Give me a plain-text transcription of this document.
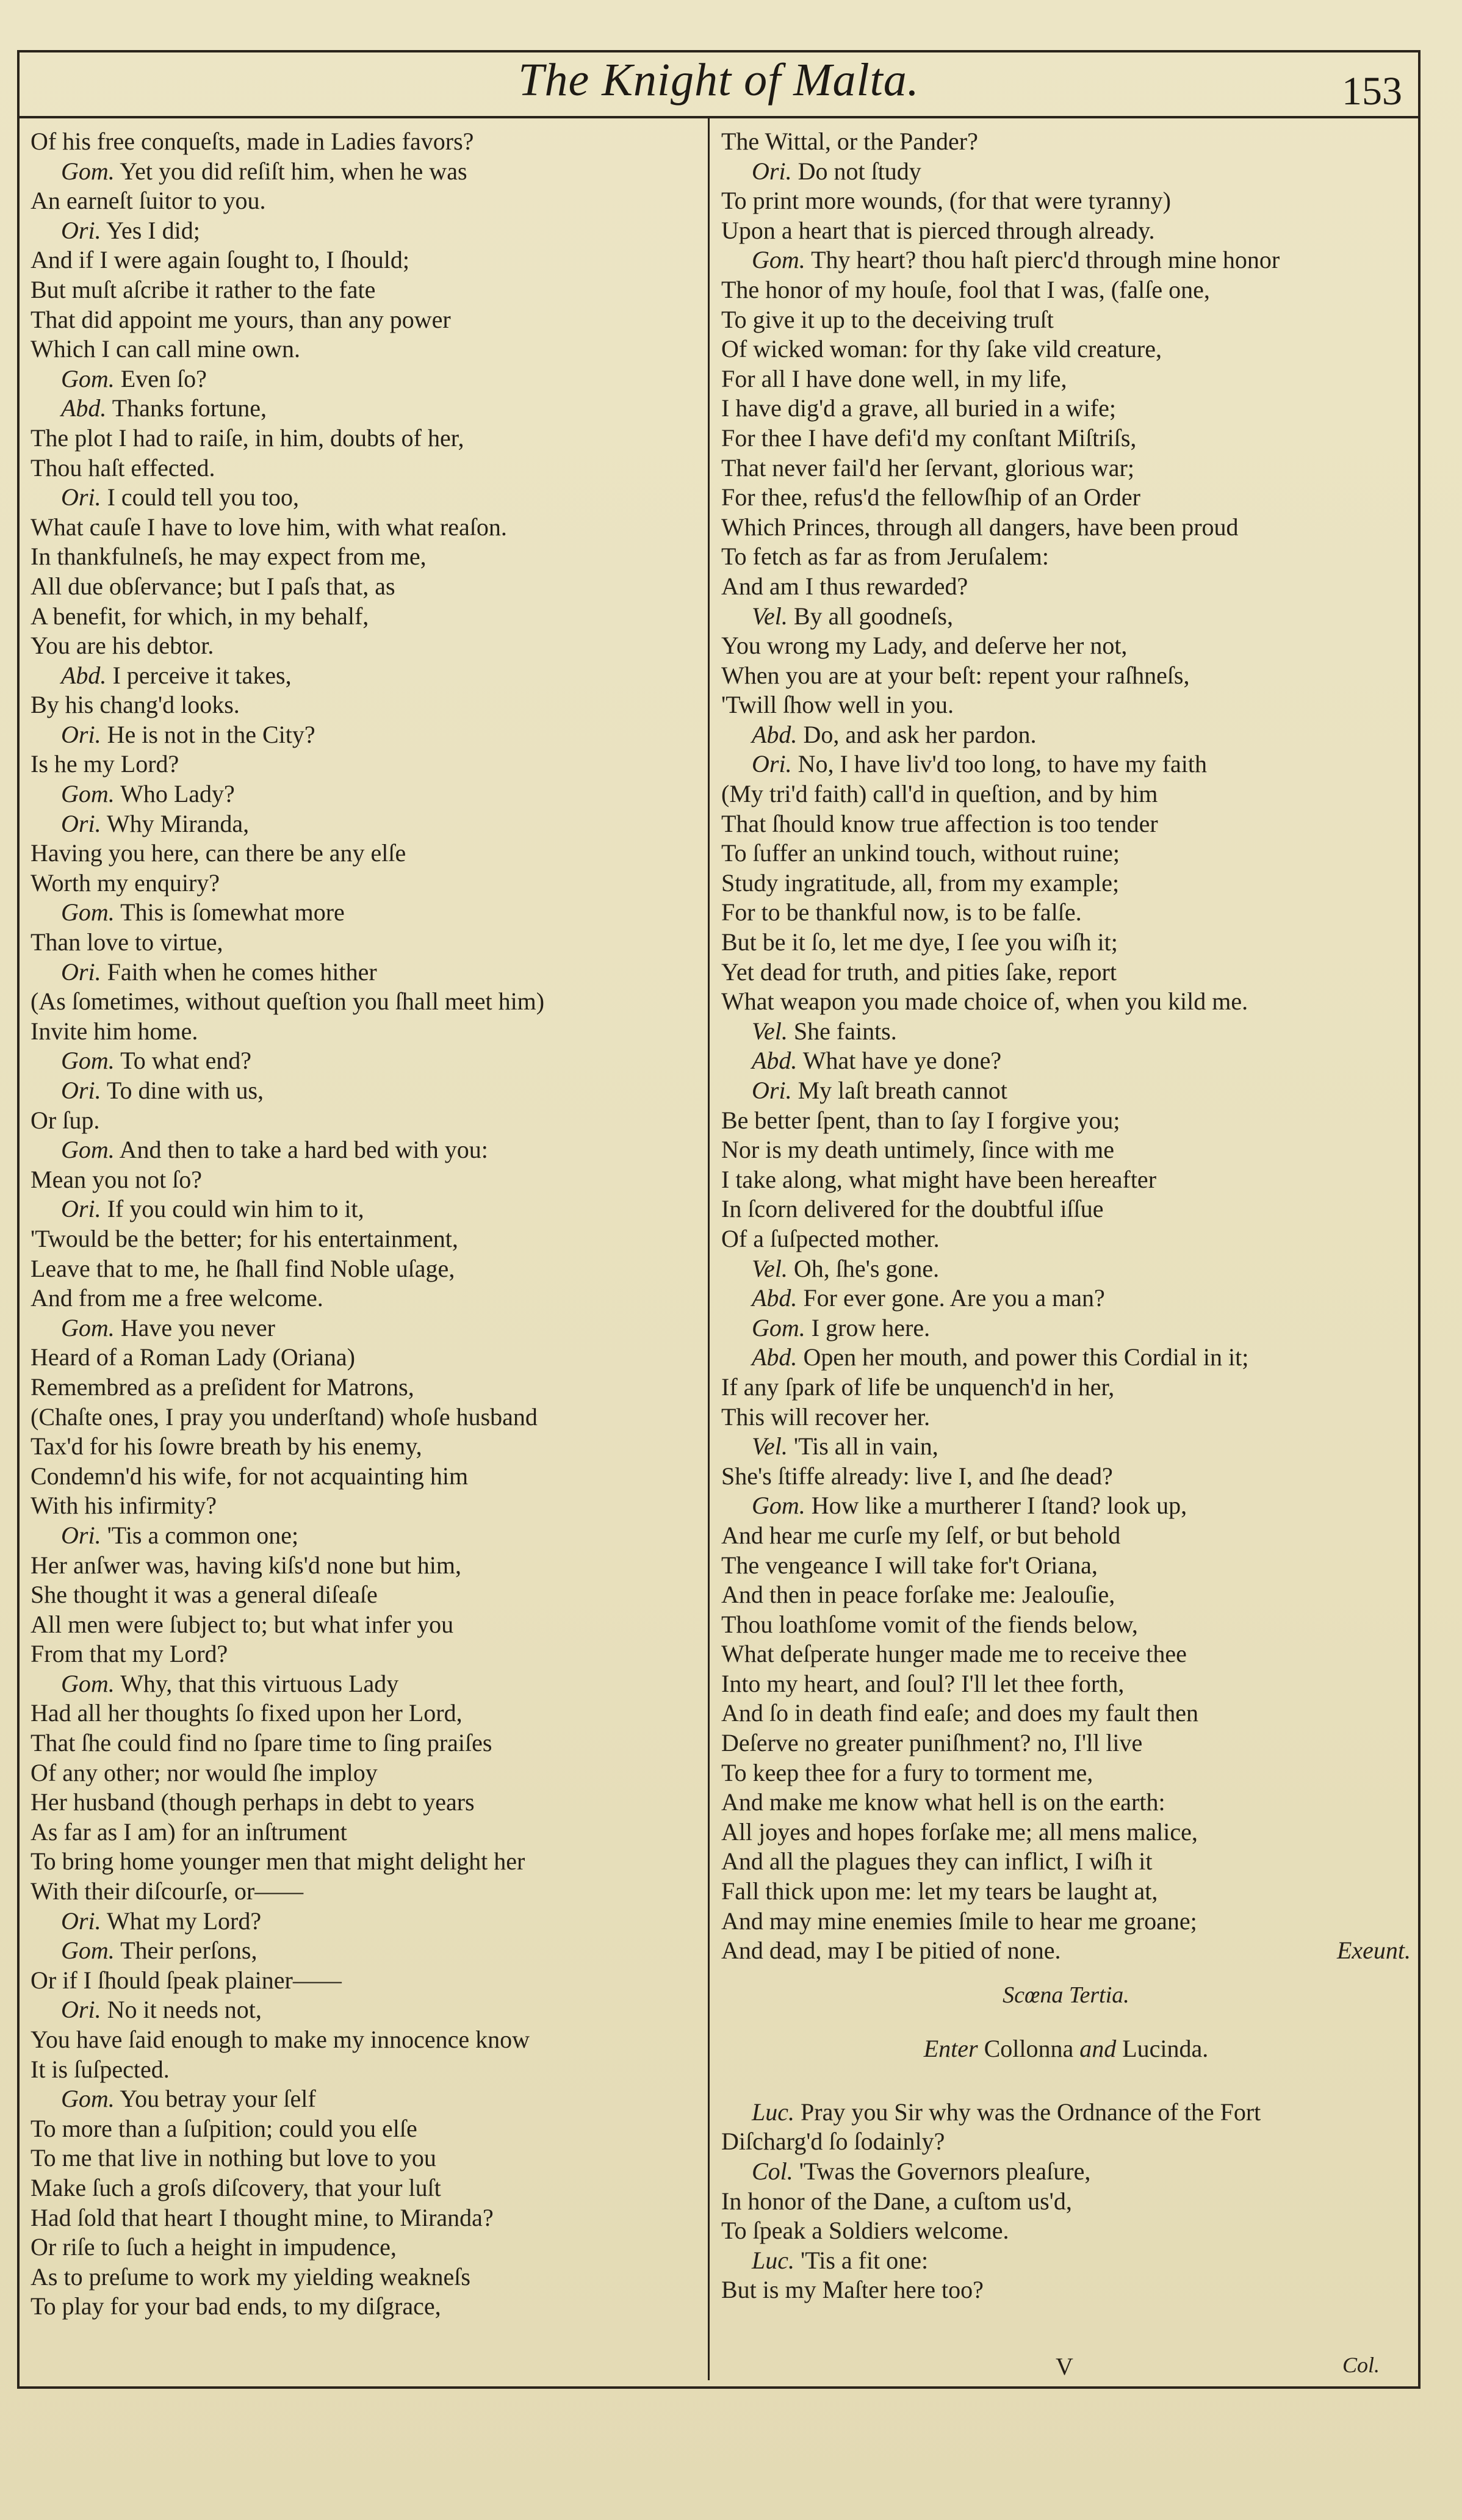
The Knight of Malta.	153
Of his free conqueſts, made in Ladies favors?
Gom. Yet you did reſiſt him, when he was
An earneſt ſuitor to you.
Ori. Yes I did;
And if I were again ſought to, I ſhould;
But muſt aſcribe it rather to the fate
That did appoint me yours, than any power
Which I can call mine own.
Gom. Even ſo?
Abd. Thanks fortune,
The plot I had to raiſe, in him, doubts of her,
Thou haſt effected.
Ori. I could tell you too,
What cauſe I have to love him, with what reaſon.
In thankfulneſs, he may expect from me,
All due obſervance; but I paſs that, as
A benefit, for which, in my behalf,
You are his debtor.
Abd. I perceive it takes,
By his chang'd looks.
Ori. He is not in the City?
Is he my Lord?
Gom. Who Lady?
Ori. Why Miranda,
Having you here, can there be any elſe
Worth my enquiry?
Gom. This is ſomewhat more
Than love to virtue,
Ori. Faith when he comes hither
(As ſometimes, without queſtion you ſhall meet him)
Invite him home.
Gom. To what end?
Ori. To dine with us,
Or ſup.
Gom. And then to take a hard bed with you:
Mean you not ſo?
Ori. If you could win him to it,
'Twould be the better; for his entertainment,
Leave that to me, he ſhall find Noble uſage,
And from me a free welcome.
Gom. Have you never
Heard of a Roman Lady (Oriana)
Remembred as a preſident for Matrons,
(Chaſte ones, I pray you underſtand) whoſe husband
Tax'd for his ſowre breath by his enemy,
Condemn'd his wife, for not acquainting him
With his infirmity?
Ori. 'Tis a common one;
Her anſwer was, having kiſs'd none but him,
She thought it was a general diſeaſe
All men were ſubject to; but what infer you
From that my Lord?
Gom. Why, that this virtuous Lady
Had all her thoughts ſo fixed upon her Lord,
That ſhe could find no ſpare time to ſing praiſes
Of any other; nor would ſhe imploy
Her husband (though perhaps in debt to years
As far as I am) for an inſtrument
To bring home younger men that might delight her
With their diſcourſe, or——
Ori. What my Lord?
Gom. Their perſons,
Or if I ſhould ſpeak plainer——
Ori. No it needs not,
You have ſaid enough to make my innocence know
It is ſuſpected.
Gom. You betray your ſelf
To more than a ſuſpition; could you elſe
To me that live in nothing but love to you
Make ſuch a groſs diſcovery, that your luſt
Had ſold that heart I thought mine, to Miranda?
Or riſe to ſuch a height in impudence,
As to preſume to work my yielding weakneſs
To play for your bad ends, to my diſgrace,
The Wittal, or the Pander?
Ori. Do not ſtudy
To print more wounds, (for that were tyranny)
Upon a heart that is pierced through already.
Gom. Thy heart? thou haſt pierc'd through mine honor
The honor of my houſe, fool that I was, (falſe one,
To give it up to the deceiving truſt
Of wicked woman: for thy ſake vild creature,
For all I have done well, in my life,
I have dig'd a grave, all buried in a wife;
For thee I have defi'd my conſtant Miſtriſs,
That never fail'd her ſervant, glorious war;
For thee, refus'd the fellowſhip of an Order
Which Princes, through all dangers, have been proud
To fetch as far as from Jeruſalem:
And am I thus rewarded?
Vel. By all goodneſs,
You wrong my Lady, and deſerve her not,
When you are at your beſt: repent your raſhneſs,
'Twill ſhow well in you.
Abd. Do, and ask her pardon.
Ori. No, I have liv'd too long, to have my faith
(My tri'd faith) call'd in queſtion, and by him
That ſhould know true affection is too tender
To ſuffer an unkind touch, without ruine;
Study ingratitude, all, from my example;
For to be thankful now, is to be falſe.
But be it ſo, let me dye, I ſee you wiſh it;
Yet dead for truth, and pities ſake, report
What weapon you made choice of, when you kild me.
Vel. She faints.
Abd. What have ye done?
Ori. My laſt breath cannot
Be better ſpent, than to ſay I forgive you;
Nor is my death untimely, ſince with me
I take along, what might have been hereafter
In ſcorn delivered for the doubtful iſſue
Of a ſuſpected mother.
Vel. Oh, ſhe's gone.
Abd. For ever gone. Are you a man?
Gom. I grow here.
Abd. Open her mouth, and power this Cordial in it;
If any ſpark of life be unquench'd in her,
This will recover her.
Vel. 'Tis all in vain,
She's ſtiffe already: live I, and ſhe dead?
Gom. How like a murtherer I ſtand? look up,
And hear me curſe my ſelf, or but behold
The vengeance I will take for't Oriana,
And then in peace forſake me: Jealouſie,
Thou loathſome vomit of the fiends below,
What deſperate hunger made me to receive thee
Into my heart, and ſoul? I'll let thee forth,
And ſo in death find eaſe; and does my fault then
Deſerve no greater puniſhment? no, I'll live
To keep thee for a fury to torment me,
And make me know what hell is on the earth:
All joyes and hopes forſake me; all mens malice,
And all the plagues they can inflict, I wiſh it
Fall thick upon me: let my tears be laught at,
And may mine enemies ſmile to hear me groane;
And dead, may I be pitied of none.	Exeunt.
Scœna Tertia.
Enter Collonna and Lucinda.
Luc. Pray you Sir why was the Ordnance of the Fort
Diſcharg'd ſo ſodainly?
Col. 'Twas the Governors pleaſure,
In honor of the Dane, a cuſtom us'd,
To ſpeak a Soldiers welcome.
Luc. 'Tis a fit one:
But is my Maſter here too?
V	Col.
